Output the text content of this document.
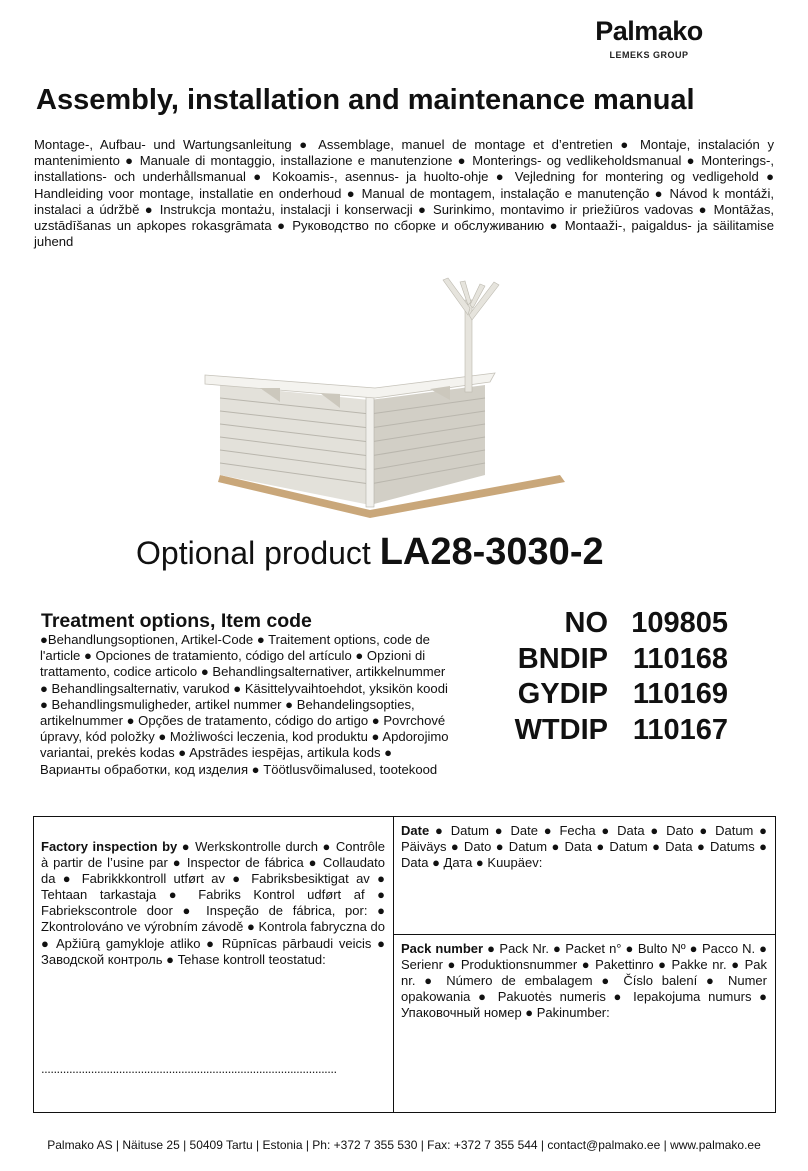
Palmako
LEMEKS GROUP
Assembly, installation and maintenance manual
Montage-, Aufbau- und Wartungsanleitung ● Assemblage, manuel de montage et d’entretien ● Montaje, instalación y mantenimiento ● Manuale di montaggio, installazione e manutenzione ● Monterings- og vedlikeholdsmanual ● Monterings-, installations- och underhållsmanual ● Kokoamis-, asennus- ja huolto-ohje ● Vejledning for montering og vedligehold ● Handleiding voor montage, installatie en onderhoud ● Manual de montagem, instalação e manutenção ● Návod k montáži, instalaci a údržbě ● Instrukcja montażu, instalacji i konserwacji ● Surinkimo, montavimo ir priežiūros vadovas ● Montāžas, uzstādīšanas un apkopes rokasgrāmata ● Руководство по сборке и обслуживанию ● Montaaži-, paigaldus- ja säilitamise juhend
Optional product LA28-3030-2
Treatment options, Item code
●Behandlungsoptionen, Artikel-Code ● Traitement options, code de l'article ● Opciones de tratamiento, código del artículo ● Opzioni di trattamento, codice articolo ● Behandlingsalternativer, artikkelnummer ● Behandlingsalternativ, varukod ● Käsittelyvaihtoehdot, yksikön koodi ● Behandlingsmuligheder, artikel nummer ● Behandelingsopties, artikelnummer ● Opções de tratamento, código do artigo ● Povrchové úpravy, kód položky ● Możliwości leczenia, kod produktu ● Apdorojimo variantai, prekės kodas ● Apstrādes iespējas, artikula kods ● Варианты обработки, код изделия ● Töötlusvõimalused, tootekood
NO 109805
BNDIP 110168
GYDIP 110169
WTDIP 110167
Factory inspection by ● Werkskontrolle durch ● Contrôle à partir de l’usine par ● Inspector de fábrica ● Collaudato da ● Fabrikkkontroll utført av ● Fabriksbesiktigat av ● Tehtaan tarkastaja ● Fabriks Kontrol udført af ● Fabriekscontrole door ● Inspeção de fábrica, por: ● Zkontrolováno ve výrobním závodě ● Kontrola fabryczna do ● Apžiūrą gamykloje atliko ● Rūpnīcas pārbaudi veicis ● Заводской контроль ● Tehase kontroll teostatud:
...............................................................................................
Date ● Datum ● Date ● Fecha ● Data ● Dato ● Datum ● Päiväys ● Dato ● Datum ● Data ● Datum ● Data ● Datums ● Data ● Дата ● Kuupäev:
Pack number ● Pack Nr. ● Packet n° ● Bulto Nº ● Pacco N. ● Serienr ● Produktionsnummer ● Pakettinro ● Pakke nr. ● Pak nr. ● Número de embalagem ● Číslo balení ● Numer opakowania ● Pakuotės numeris ● Iepakojuma numurs ● Упаковочный номер ● Pakinumber:
Palmako AS | Näituse 25 | 50409 Tartu | Estonia | Ph: +372 7 355 530 | Fax: +372 7 355 544 | contact@palmako.ee | www.palmako.ee
